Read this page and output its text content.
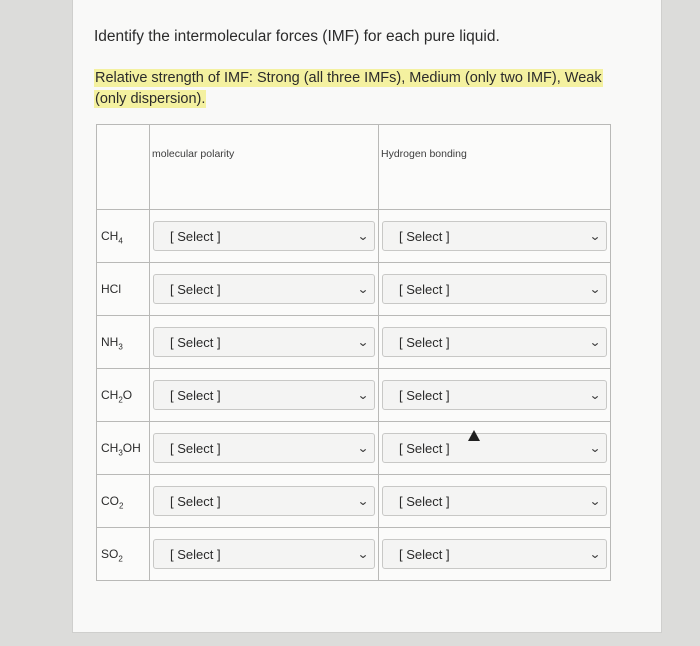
Identify the intermolecular forces (IMF) for each pure liquid.
Relative strength of IMF: Strong (all three IMFs), Medium (only two IMF), Weak (only dispersion).

	molecular polarity	Hydrogen bonding

$CH_4$	[ Select ] ⌄	[ Select ] ⌄

HCl	[ Select ] ⌄	[ Select ] ⌄

$NH_3$	[ Select ] ⌄	[ Select ] ⌄

$CH_2O$	[ Select ] ⌄	[ Select ] ⌄

$CH_3OH$	[ Select ] ⌄	[ Select ] ⌄

$CO_2$	[ Select ] ⌄	[ Select ] ⌄

$SO_2$	[ Select ] ⌄	[ Select ] ⌄
